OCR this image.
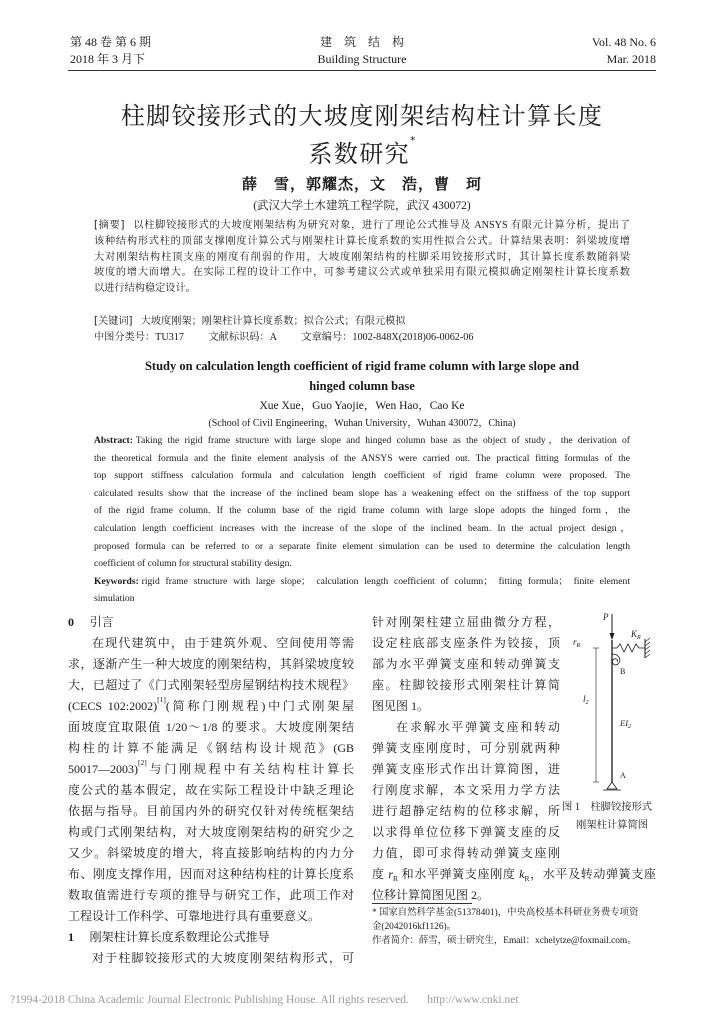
第 48 卷 第 6 期
2018 年 3 月下
建　筑　结　构
Building Structure
Vol. 48 No. 6
Mar. 2018
柱脚铰接形式的大坡度刚架结构柱计算长度
系数研究*
薛　雪，郭耀杰，文　浩，曹　珂
(武汉大学土木建筑工程学院，武汉 430072)
[摘要] 以柱脚铰接形式的大坡度刚架结构为研究对象，进行了理论公式推导及 ANSYS 有限元计算分析，提出了
该种结构形式柱的顶部支撑刚度计算公式与刚架柱计算长度系数的实用性拟合公式。计算结果表明：斜梁坡度增
大对刚架结构柱顶支座的刚度有削弱的作用，大坡度刚架结构的柱脚采用铰接形式时，其计算长度系数随斜梁
坡度的增大而增大。在实际工程的设计工作中，可参考建议公式或单独采用有限元模拟确定刚架柱计算长度系数
以进行结构稳定设计。
[关键词] 大坡度刚架；刚架柱计算长度系数；拟合公式；有限元模拟
中图分类号：TU317 文献标识码：A 文章编号：1002-848X(2018)06-0062-06
Study on calculation length coefficient of rigid frame column with large slope and
hinged column base
Xue Xue，Guo Yaojie，Wen Hao，Cao Ke
(School of Civil Engineering，Wuhan University，Wuhan 430072，China)
Abstract: Taking the rigid frame structure with large slope and hinged column base as the object of study，the derivation of
the theoretical formula and the finite element analysis of the ANSYS were carried out. The practical fitting formulas of the
top support stiffness calculation formula and calculation length coefficient of rigid frame column were proposed. The
calculated results show that the increase of the inclined beam slope has a weakening effect on the stiffness of the top support
of the rigid frame column. If the column base of the rigid frame column with large slope adopts the hinged form，the
calculation length coefficient increases with the increase of the slope of the inclined beam. In the actual project design，
proposed formula can be referred to or a separate finite element simulation can be used to determine the calculation length
coefficient of column for structural stability design.
Keywords: rigid frame structure with large slope； calculation length coefficient of column； fitting formula； finite element
simulation
0 引言
在现代建筑中，由于建筑外观、空间使用等需
求，逐渐产生一种大坡度的刚架结构，其斜梁坡度较
大，已超过了《门式刚架轻型房屋钢结构技术规程》
(CECS 102:2002)[1](简称门刚规程)中门式刚架屋
面坡度宜取限值 1/20～1/8 的要求。大坡度刚架结
构柱的计算不能满足《钢结构设计规范》(GB
50017—2003)[2]与门刚规程中有关结构柱计算长
度公式的基本假定，故在实际工程设计中缺乏理论
依据与指导。目前国内外的研究仅针对传统框架结
构或门式刚架结构，对大坡度刚架结构的研究少之
又少。斜梁坡度的增大，将直接影响结构的内力分
布、刚度支撑作用，因而对这种结构柱的计算长度系
数取值需进行专项的推导与研究工作，此项工作对
工程设计工作科学、可靠地进行具有重要意义。
1 刚架柱计算长度系数理论公式推导
对于柱脚铰接形式的大坡度刚架结构形式，可
针对刚架柱建立屈曲微分方程，
设定柱底部支座条件为铰接，顶
部为水平弹簧支座和转动弹簧支
座。柱脚铰接形式刚架柱计算简
图见图 1。
在求解水平弹簧支座和转动
弹簧支座刚度时，可分别就两种
弹簧支座形式作出计算简图，进
行刚度求解，本文采用力学方法
进行超静定结构的位移求解，所
以求得单位位移下弹簧支座的反
力值，即可求得转动弹簧支座刚
度 $r_R$ 和水平弹簧支座刚度 $k_R$，水平及转动弹簧支座
位移计算简图见图 2。
P
$r_R$
$K_R$
B
$l_2$
$EI_2$
A
图 1　柱脚铰接形式
刚架柱计算简图
* 国家自然科学基金(51378401)，中央高校基本科研业务费专项资
金(2042016kf1126)。
作者简介：薛雪，硕士研究生，Email：xchelytze@foxmail.com。
?1994-2018 China Academic Journal Electronic Publishing House. All rights reserved. http://www.cnki.net
